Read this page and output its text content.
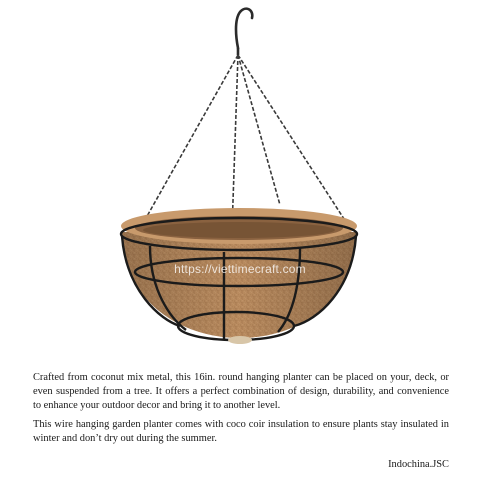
https://viettimecraft.com

Crafted from coconut mix metal, this 16in. round hanging planter can be placed on your, deck, or even suspended from a tree. It offers a perfect combination of design, durability, and convenience to enhance your outdoor decor and bring it to another level.

This wire hanging garden planter comes with coco coir insulation to ensure plants stay insulated in winter and don’t dry out during the summer.

Indochina.JSC
